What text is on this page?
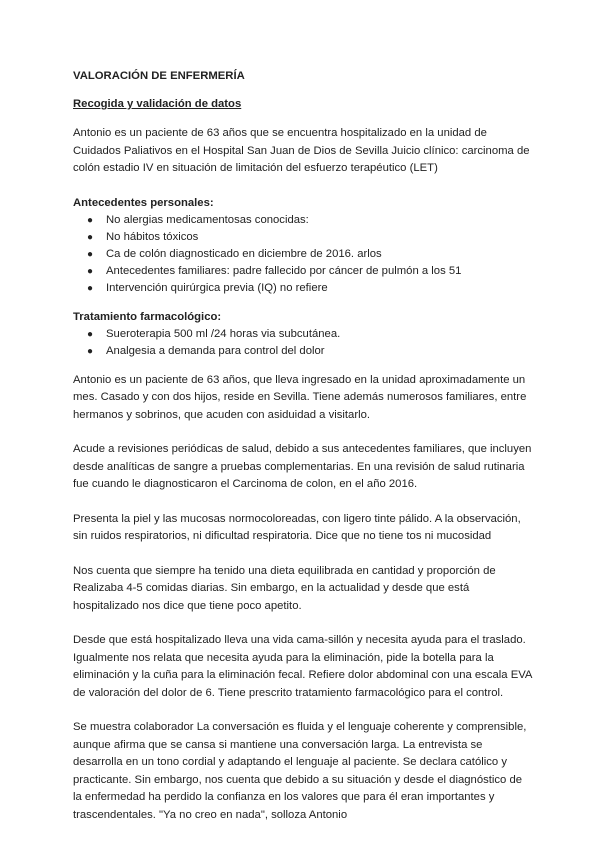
VALORACIÓN DE ENFERMERÍA
Recogida y validación de datos

Antonio es un paciente de 63 años que se encuentra hospitalizado en la unidad de Cuidados Paliativos en el Hospital San Juan de Dios de Sevilla Juicio clínico: carcinoma de colón estadio IV en situación de limitación del esfuerzo terapéutico (LET)

Antecedentes personales:
● No alergias medicamentosas conocidas:
● No hábitos tóxicos
● Ca de colón diagnosticado en diciembre de 2016. arlos
● Antecedentes familiares: padre fallecido por cáncer de pulmón a los 51
● Intervención quirúrgica previa (IQ) no refiere
Tratamiento farmacológico:
● Sueroterapia 500 ml /24 horas via subcutánea.
● Analgesia a demanda para control del dolor

Antonio es un paciente de 63 años, que lleva ingresado en la unidad aproximadamente un mes. Casado y con dos hijos, reside en Sevilla. Tiene además numerosos familiares, entre hermanos y sobrinos, que acuden con asiduidad a visitarlo.

Acude a revisiones periódicas de salud, debido a sus antecedentes familiares, que incluyen desde analíticas de sangre a pruebas complementarias. En una revisión de salud rutinaria fue cuando le diagnosticaron el Carcinoma de colon, en el año 2016.

Presenta la piel y las mucosas normocoloreadas, con ligero tinte pálido. A la observación, sin ruidos respiratorios, ni dificultad respiratoria. Dice que no tiene tos ni mucosidad

Nos cuenta que siempre ha tenido una dieta equilibrada en cantidad y proporción de Realizaba 4-5 comidas diarias. Sin embargo, en la actualidad y desde que está hospitalizado nos dice que tiene poco apetito.

Desde que está hospitalizado lleva una vida cama-sillón y necesita ayuda para el traslado. Igualmente nos relata que necesita ayuda para la eliminación, pide la botella para la eliminación y la cuña para la eliminación fecal. Refiere dolor abdominal con una escala EVA de valoración del dolor de 6. Tiene prescrito tratamiento farmacológico para el control.

Se muestra colaborador La conversación es fluida y el lenguaje coherente y comprensible, aunque afirma que se cansa si mantiene una conversación larga. La entrevista se desarrolla en un tono cordial y adaptando el lenguaje al paciente. Se declara católico y practicante. Sin embargo, nos cuenta que debido a su situación y desde el diagnóstico de la enfermedad ha perdido la confianza en los valores que para él eran importantes y trascendentales. "Ya no creo en nada", solloza Antonio
